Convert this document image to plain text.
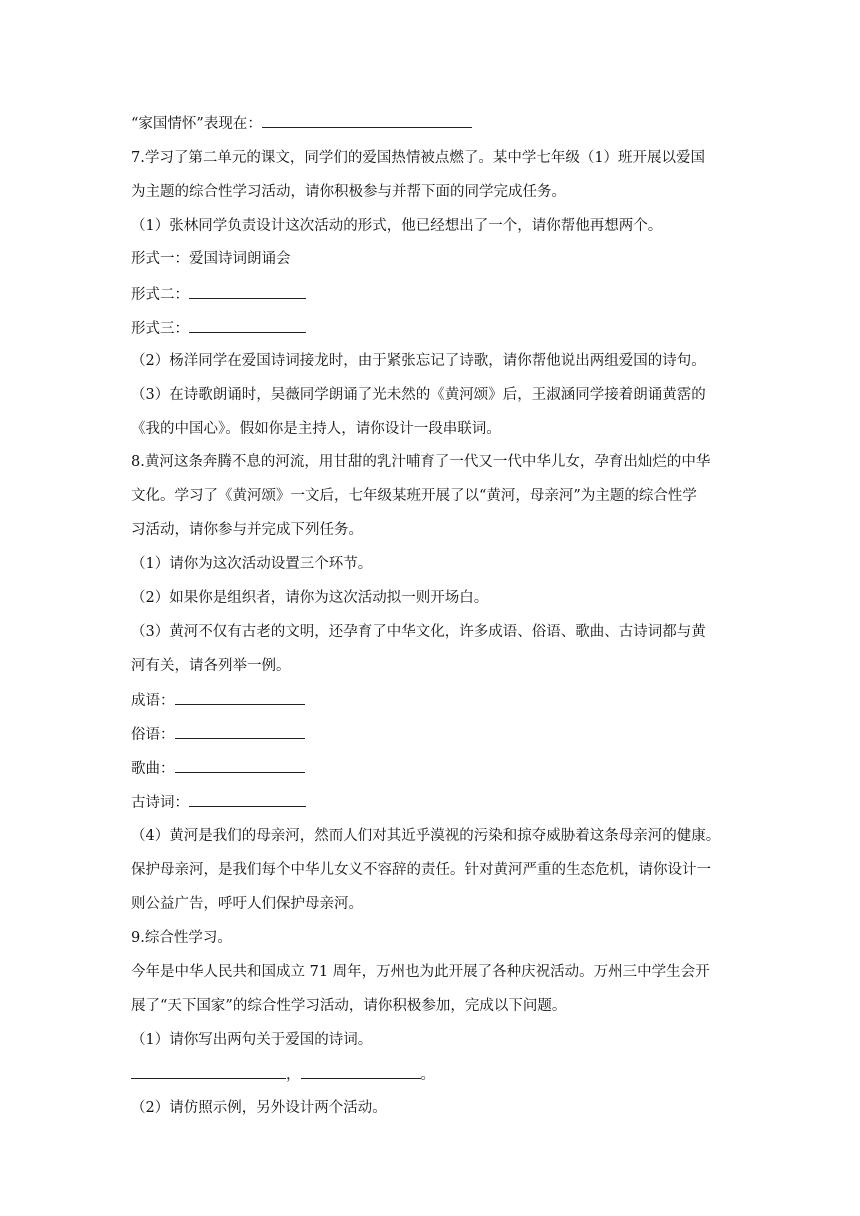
“家国情怀”表现在：
7.学习了第二单元的课文，同学们的爱国热情被点燃了。某中学七年级（1）班开展以爱国
为主题的综合性学习活动，请你积极参与并帮下面的同学完成任务。
（1）张林同学负责设计这次活动的形式，他已经想出了一个，请你帮他再想两个。
形式一：爱国诗词朗诵会
形式二：
形式三：
（2）杨洋同学在爱国诗词接龙时，由于紧张忘记了诗歌，请你帮他说出两组爱国的诗句。
（3）在诗歌朗诵时，吴薇同学朗诵了光未然的《黄河颂》后，王淑涵同学接着朗诵黄霑的
《我的中国心》。假如你是主持人，请你设计一段串联词。
8.黄河这条奔腾不息的河流，用甘甜的乳汁哺育了一代又一代中华儿女，孕育出灿烂的中华
文化。学习了《黄河颂》一文后，七年级某班开展了以“黄河，母亲河”为主题的综合性学
习活动，请你参与并完成下列任务。
（1）请你为这次活动设置三个环节。
（2）如果你是组织者，请你为这次活动拟一则开场白。
（3）黄河不仅有古老的文明，还孕育了中华文化，许多成语、俗语、歌曲、古诗词都与黄
河有关，请各列举一例。
成语：
俗语：
歌曲：
古诗词：
（4）黄河是我们的母亲河，然而人们对其近乎漠视的污染和掠夺威胁着这条母亲河的健康。
保护母亲河，是我们每个中华儿女义不容辞的责任。针对黄河严重的生态危机，请你设计一
则公益广告，呼吁人们保护母亲河。
9.综合性学习。
今年是中华人民共和国成立 71 周年，万州也为此开展了各种庆祝活动。万州三中学生会开
展了“天下国家”的综合性学习活动，请你积极参加，完成以下问题。
（1）请你写出两句关于爱国的诗词。
，	。
（2）请仿照示例，另外设计两个活动。
